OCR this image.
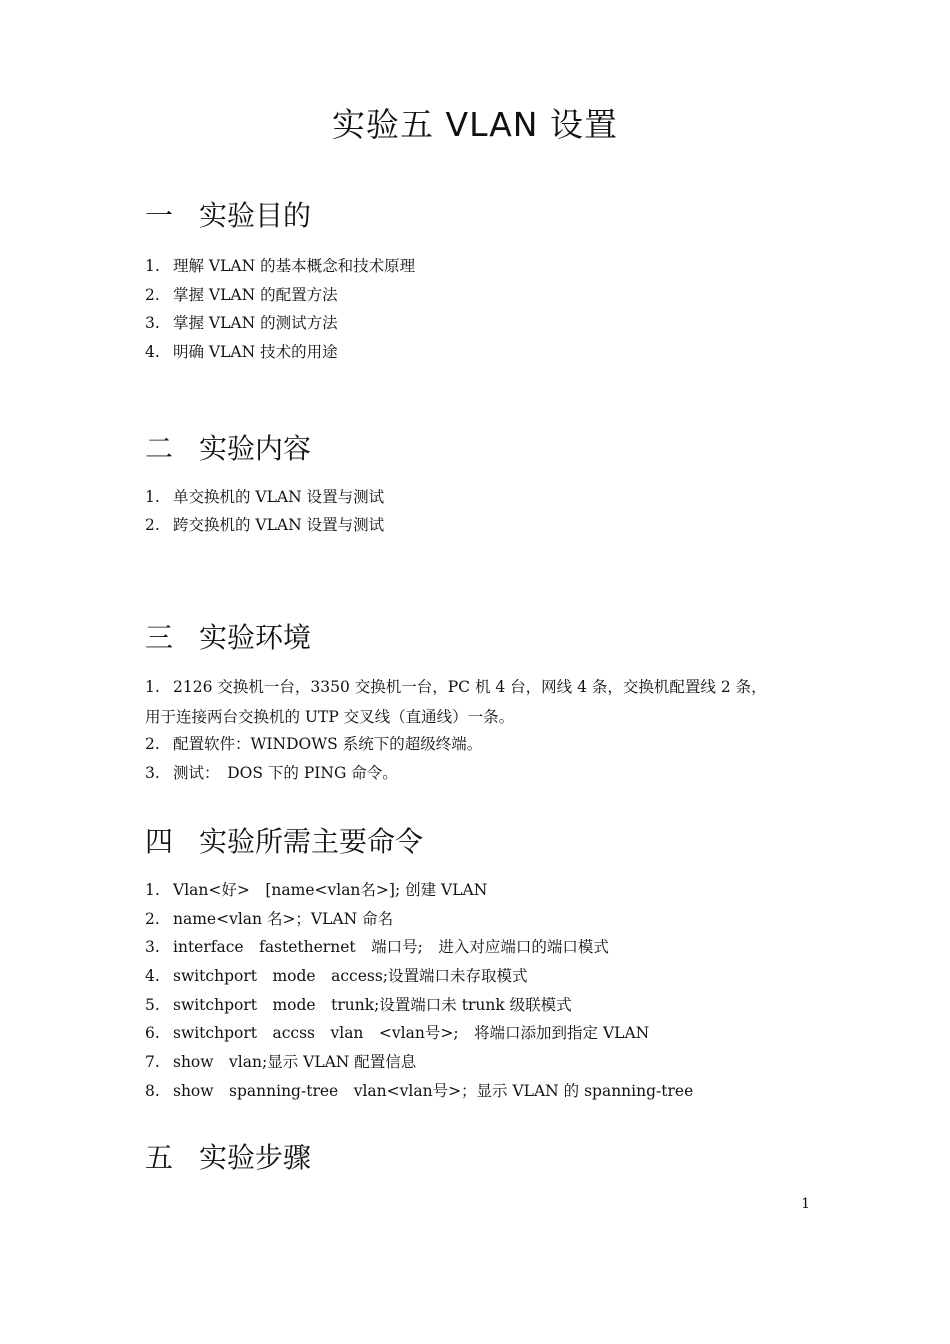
实验五 VLAN 设置
一 实验目的
1. 理解 VLAN 的基本概念和技术原理
2. 掌握 VLAN 的配置方法
3. 掌握 VLAN 的测试方法
4. 明确 VLAN 技术的用途
二 实验内容
1. 单交换机的 VLAN 设置与测试
2. 跨交换机的 VLAN 设置与测试
三 实验环境
1. 2126 交换机一台，3350 交换机一台，PC 机 4 台，网线 4 条，交换机配置线 2 条，
用于连接两台交换机的 UTP 交叉线（直通线）一条。
2. 配置软件：WINDOWS 系统下的超级终端。
3. 测试：　DOS 下的 PING 命令。
四 实验所需主要命令
1. Vlan<好>　[name<vlan名>]; 创建 VLAN
2. name<vlan 名>；VLAN 命名
3. interface　fastethernet　端口号;　进入对应端口的端口模式
4. switchport　mode　access;设置端口未存取模式
5. switchport　mode　trunk;设置端口未 trunk 级联模式
6. switchport　accss　vlan　<vlan号>;　将端口添加到指定 VLAN
7. show　vlan;显示 VLAN 配置信息
8. show　spanning-tree　vlan<vlan号>；显示 VLAN 的 spanning-tree
五 实验步骤
1
